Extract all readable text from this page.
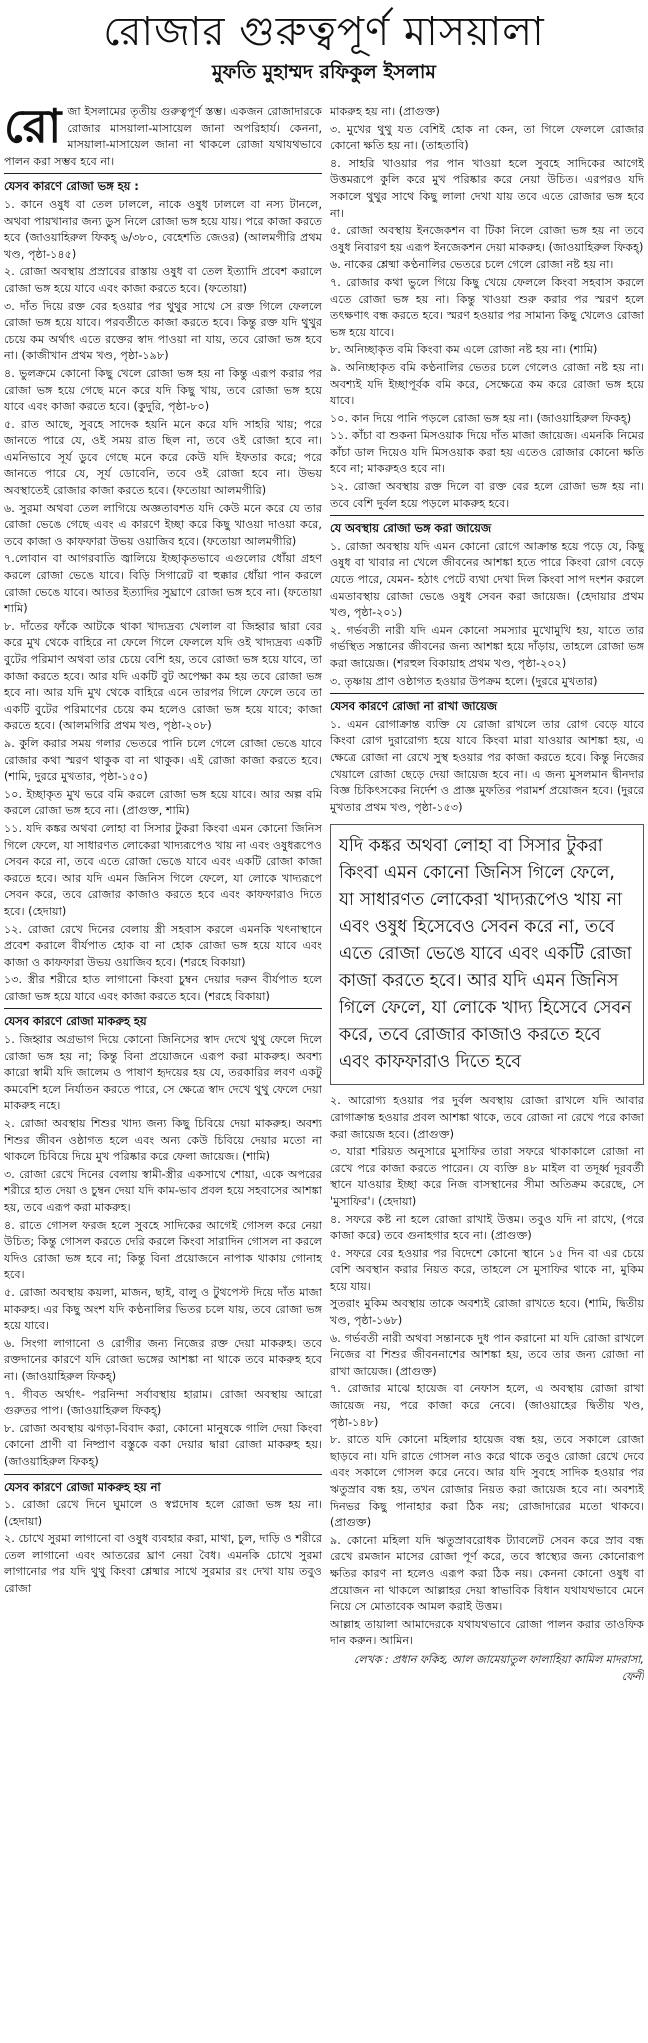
রোজার গুরুত্বপূর্ণ মাসয়ালা
মুফতি মুহাম্মদ রফিকুল ইসলাম

রোজা ইসলামের তৃতীয় গুরুত্বপূর্ণ স্তম্ভ। একজন রোজাদারকে রোজার মাসয়ালা-মাসায়েল জানা অপরিহার্য। কেননা, মাসয়ালা-মাসায়েল জানা না থাকলে রোজা যথাযথভাবে পালন করা সম্ভব হবে না।

যেসব কারণে রোজা ভঙ্গ হয় :

১. কানে ওষুধ বা তেল ঢাললে, নাকে ওষুধ ঢাললে বা নস্য টানলে, অথবা পায়খানার জন্য ডুস নিলে রোজা ভঙ্গ হয়ে যায়। পরে কাজা করতে হবে (জাওয়াহিরুল ফিকহ্‌ ৬/৩৮০, বেহেশতি জেওর) (আলমগীরি প্রথম খণ্ড, পৃষ্ঠা-১৪৫)

২. রোজা অবস্থায় প্রস্রাবের রাস্তায় ওষুধ বা তেল ইত্যাদি প্রবেশ করালে রোজা ভঙ্গ হয়ে যাবে এবং কাজা করতে হবে। (ফতোয়া)

৩. দাঁত দিয়ে রক্ত বের হওয়ার পর থুথুর সাথে সে রক্ত গিলে ফেললে রোজা ভঙ্গ হয়ে যাবে। পরবর্তীতে কাজা করতে হবে। কিন্তু রক্ত যদি থুথুর চেয়ে কম অর্থাৎ এতে রক্তের স্বাদ পাওয়া না যায়, তবে রোজা ভঙ্গ হবে না। (কাজীখান প্রথম খণ্ড, পৃষ্ঠা-১৯৮)

৪. ভুলক্রমে কোনো কিছু খেলে রোজা ভঙ্গ হয় না কিন্তু এরূপ করার পর রোজা ভঙ্গ হয়ে গেছে মনে করে যদি কিছু খায়, তবে রোজা ভঙ্গ হয়ে যাবে এবং কাজা করতে হবে। (কুদুরি, পৃষ্ঠা-৮০)

৫. রাত আছে, সুবহে সাদেক হয়নি মনে করে যদি সাহরি খায়; পরে জানতে পারে যে, ওই সময় রাত ছিল না, তবে ওই রোজা হবে না। এমনিভাবে সূর্য ডুবে গেছে মনে করে কেউ যদি ইফতার করে; পরে জানতে পারে যে, সূর্য ডোবেনি, তবে ওই রোজা হবে না। উভয় অবস্থাতেই রোজার কাজা করতে হবে। (ফতোয়া আলমগীরি)

৬. সুরমা অথবা তেল লাগিয়ে অজ্ঞতাবশত যদি কেউ মনে করে যে তার রোজা ভেঙে গেছে এবং এ কারণে ইচ্ছা করে কিছু খাওয়া দাওয়া করে, তবে কাজা ও কাফফারা উভয় ওয়াজিব হবে। (ফতোয়া আলমগীরি)

৭.লোবান বা আগরবাতি জ্বালিয়ে ইচ্ছাকৃতভাবে এগুলোর ধোঁয়া গ্রহণ করলে রোজা ভেঙে যাবে। বিড়ি সিগারেট বা হুক্কার ধোঁয়া পান করলে রোজা ভেঙে যাবে। আতর ইত্যাদির সুঘ্রাণে রোজা ভঙ্গ হবে না। (ফতোয়া শামি)

৮. দাঁতের ফাঁকে আটকে থাকা খাদ্যদ্রব্য খেলাল বা জিহ্বার দ্বারা বের করে মুখ থেকে বাহিরে না ফেলে গিলে ফেললে যদি ওই খাদ্যদ্রব্য একটি বুটের পরিমাণ অথবা তার চেয়ে বেশি হয়, তবে রোজা ভঙ্গ হয়ে যাবে, তা কাজা করতে হবে। আর যদি একটি বুট অপেক্ষা কম হয় তবে রোজা ভঙ্গ হবে না। আর যদি মুখ থেকে বাহিরে এনে তারপর গিলে ফেলে তবে তা একটি বুটের পরিমাণের চেয়ে কম হলেও রোজা ভঙ্গ হয়ে যাবে; কাজা করতে হবে। (আলমগিরি প্রথম খণ্ড, পৃষ্ঠা-২০৮)

৯. কুলি করার সময় গলার ভেতরে পানি চলে গেলে রোজা ভেঙে যাবে রোজার কথা স্মরণ থাকুক বা না থাকুক। এই রোজা কাজা করতে হবে। (শামি, দুররে মুখতার, পৃষ্ঠা-১৫০)

১০. ইচ্ছাকৃত মুখ ভরে বমি করলে রোজা ভঙ্গ হয়ে যাবে। আর অল্প বমি করলে রোজা ভঙ্গ হবে না। (প্রাগুক্ত, শামি)

১১. যদি কঙ্কর অথবা লোহা বা সিসার টুকরা কিংবা এমন কোনো জিনিস গিলে ফেলে, যা সাধারণত লোকেরা খাদ্যরূপেও খায় না এবং ওষুধরূপেও সেবন করে না, তবে এতে রোজা ভেঙে যাবে এবং একটি রোজা কাজা করতে হবে। আর যদি এমন জিনিস গিলে ফেলে, যা লোকে খাদ্যরূপে সেবন করে, তবে রোজার কাজাও করতে হবে এবং কাফফারাও দিতে হবে। (হেদায়া)

১২. রোজা রেখে দিনের বেলায় স্ত্রী সহবাস করলে এমনকি খৎনাস্থানে প্রবেশ করালে বীর্যপাত হোক বা না হোক রোজা ভঙ্গ হয়ে যাবে এবং কাজা ও কাফফারা উভয় ওয়াজিব হবে। (শরহে বিকায়া)

১৩. স্ত্রীর শরীরে হাত লাগানো কিংবা চুম্বন দেয়ার দরুন বীর্যপাত হলে রোজা ভঙ্গ হয়ে যাবে এবং কাজা করতে হবে। (শরহে বিকায়া)

যেসব কারণে রোজা মাকরুহ হয়

১. জিহ্বার অগ্রভাগ দিয়ে কোনো জিনিসের স্বাদ দেখে থুথু ফেলে দিলে রোজা ভঙ্গ হয় না; কিন্তু বিনা প্রয়োজনে এরূপ করা মাকরুহ। অবশ্য কারো স্বামী যদি জালেম ও পাষাণ হৃদয়ের হয় যে, তরকারির লবণ একটু কমবেশি হলে নির্যাতন করতে পারে, সে ক্ষেত্রে স্বাদ দেখে থুথু ফেলে দেয়া মাকরুহ নহে।

২. রোজা অবস্থায় শিশুর খাদ্য জন্য কিছু চিবিয়ে দেয়া মাকরুহ। অবশ্য শিশুর জীবন ওষ্ঠাগত হলে এবং অন্য কেউ চিবিয়ে দেয়ার মতো না থাকলে চিবিয়ে দিয়ে মুখ পরিষ্কার করে ফেলা জায়েজ। (শামি)

৩. রোজা রেখে দিনের বেলায় স্বামী-স্ত্রীর একসাথে শোয়া, একে অপরের শরীরে হাত দেয়া ও চুম্বন দেয়া যদি কাম-ভাব প্রবল হয়ে সহবাসের আশঙ্কা হয়, তবে এরূপ করা মাকরুহ।

৪. রাতে গোসল ফরজ হলে সুবহে সাদিকের আগেই গোসল করে নেয়া উচিত; কিন্তু গোসল করতে দেরি করলে কিংবা সারাদিন গোসল না করলে যদিও রোজা ভঙ্গ হবে না; কিন্তু বিনা প্রয়োজনে নাপাক থাকায় গোনাহ হবে।

৫. রোজা অবস্থায় কয়লা, মাজন, ছাই, বালু ও টুথপেস্ট দিয়ে দাঁত মাজা মাকরুহ। এর কিছু অংশ যদি কণ্ঠনালির ভিতর চলে যায়, তবে রোজা ভঙ্গ হয়ে যাবে।

৬. সিংগা লাগানো ও রোগীর জন্য নিজের রক্ত দেয়া মাকরুহ। তবে রক্তদানের কারণে যদি রোজা ভঙ্গের আশঙ্কা না থাকে তবে মাকরুহ হবে না। (জাওয়াহিরুল ফিকহ্‌)

৭. গীবত অর্থাৎ- পরনিন্দা সর্বাবস্থায় হারাম। রোজা অবস্থায় আরো গুরুতর পাপ। (জাওয়াহিরুল ফিকহ্‌)

৮. রোজা অবস্থায় ঝগড়া-বিবাদ করা, কোনো মানুষকে গালি দেয়া কিংবা কোনো প্রাণী বা নিষ্প্রাণ বস্তুকে বকা দেয়ার দ্বারা রোজা মাকরুহ হয়। (জাওয়াহিরুল ফিকহ্‌)

যেসব কারণে রোজা মাকরুহ হয় না

১. রোজা রেখে দিনে ঘুমালে ও স্বপ্নদোষ হলে রোজা ভঙ্গ হয় না। (হেদায়া)

২. চোখে সুরমা লাগানো বা ওষুধ ব্যবহার করা, মাথা, চুল, দাড়ি ও শরীরে তেল লাগানো এবং আতরের ঘ্রাণ নেয়া বৈধ। এমনকি চোখে সুরমা লাগানোর পর যদি থুথু কিংবা শ্লেষ্মার সাথে সুরমার রং দেখা যায় তবুও রোজা

মাকরুহ হয় না। (প্রাগুক্ত)

৩. মুখের থুথু যত বেশিই হোক না কেন, তা গিলে ফেললে রোজার কোনো ক্ষতি হয় না। (তাহতাবি)

৪. সাহরি খাওয়ার পর পান খাওয়া হলে সুবহে সাদিকের আগেই উত্তমরূপে কুলি করে মুখ পরিষ্কার করে নেয়া উচিত। এরপরও যদি সকালে থুথুর সাথে কিছু লালা দেখা যায় তবে এতে রোজার ভঙ্গ হবে না।

৫. রোজা অবস্থায় ইনজেকশন বা টিকা নিলে রোজা ভঙ্গ হয় না তবে ওষুধ নিবারণ হয় এরূপ ইনজেকশন দেয়া মাকরুহ। (জাওয়াহিরুল ফিকহ্‌)

৬. নাকের শ্লেষ্মা কণ্ঠনালির ভেতরে চলে গেলে রোজা নষ্ট হয় না।

৭. রোজার কথা ভুলে গিয়ে কিছু খেয়ে ফেললে কিংবা সহবাস করলে এতে রোজা ভঙ্গ হয় না। কিন্তু খাওয়া শুরু করার পর স্মরণ হলে তৎক্ষণাৎ বন্ধ করতে হবে। স্মরণ হওয়ার পর সামান্য কিছু খেলেও রোজা ভঙ্গ হয়ে যাবে।

৮. অনিচ্ছাকৃত বমি কিংবা কম এলে রোজা নষ্ট হয় না। (শামি)

৯. অনিচ্ছাকৃত বমি কণ্ঠনালির ভেতর চলে গেলেও রোজা নষ্ট হয় না। অবশ্যই যদি ইচ্ছাপূর্বক বমি করে, সেক্ষেত্রে কম করে রোজা ভঙ্গ হয়ে যাবে।

১০. কান দিয়ে পানি পড়লে রোজা ভঙ্গ হয় না। (জাওয়াহিরুল ফিকহ্‌)

১১. কাঁচা বা শুকনা মিসওয়াক দিয়ে দাঁত মাজা জায়েজ। এমনকি নিমের কাঁচা ডাল দিয়েও যদি মিসওয়াক করা হয় এতেও রোজার কোনো ক্ষতি হবে না; মাকরুহও হবে না।

১২. রোজা অবস্থায় রক্ত দিলে বা রক্ত বের হলে রোজা ভঙ্গ হয় না। তবে বেশি দুর্বল হয়ে পড়লে মাকরুহ হবে।

যে অবস্থায় রোজা ভঙ্গ করা জায়েজ

১. রোজা অবস্থায় যদি এমন কোনো রোগে আক্রান্ত হয়ে পড়ে যে, কিছু ওষুধ বা খাবার না খেলে জীবনের আশঙ্কা হতে পারে কিংবা রোগ বেড়ে যেতে পারে, যেমন- হঠাৎ পেটে ব্যথা দেখা দিল কিংবা সাপ দংশন করলে এমতাবস্থায় রোজা ভেঙে ওষুধ সেবন করা জায়েজ। (হেদায়ার প্রথম খণ্ড, পৃষ্ঠা-২০১)

২. গর্ভবতী নারী যদি এমন কোনো সমস্যার মুখোমুখি হয়, যাতে তার গর্ভস্থিত সন্তানের জীবনের জন্য আশঙ্কা হয়ে দাঁড়ায়, তাহলে রোজা ভঙ্গ করা জায়েজ। (শরহুল বিকায়াহ প্রথম খণ্ড, পৃষ্ঠা-২০২)

৩. তৃষ্ণায় প্রাণ ওষ্ঠাগত হওয়ার উপক্রম হলে। (দুররে মুখতার)

যেসব কারণে রোজা না রাখা জায়েজ

১. এমন রোগাক্রান্ত ব্যক্তি যে রোজা রাখলে তার রোগ বেড়ে যাবে কিংবা রোগ দুরারোগ্য হয়ে যাবে কিংবা মারা যাওয়ার আশঙ্কা হয়, এ ক্ষেত্রে রোজা না রেখে সুস্থ হওয়ার পর কাজা করতে হবে। কিন্তু নিজের খেয়ালে রোজা ছেড়ে দেয়া জায়েজ হবে না। এ জন্য মুসলমান দ্বীনদার বিজ্ঞ চিকিৎসকের নির্দেশ ও প্রাজ্ঞ মুফতির পরামর্শ প্রয়োজন হবে। (দুররে মুখতার প্রথম খণ্ড, পৃষ্ঠা-১৫৩)

যদি কঙ্কর অথবা লোহা বা সিসার টুকরা কিংবা এমন কোনো জিনিস গিলে ফেলে, যা সাধারণত লোকেরা খাদ্যরূপেও খায় না এবং ওষুধ হিসেবেও সেবন করে না, তবে এতে রোজা ভেঙে যাবে এবং একটি রোজা কাজা করতে হবে। আর যদি এমন জিনিস গিলে ফেলে, যা লোকে খাদ্য হিসেবে সেবন করে, তবে রোজার কাজাও করতে হবে এবং কাফফারাও দিতে হবে

২. আরোগ্য হওয়ার পর দুর্বল অবস্থায় রোজা রাখলে যদি আবার রোগাক্রান্ত হওয়ার প্রবল আশঙ্কা থাকে, তবে রোজা না রেখে পরে কাজা করা জায়েজ হবে। (প্রাগুক্ত)

৩. যারা শরিয়ত অনুসারে মুসাফির তারা সফরে থাকাকালে রোজা না রেখে পরে কাজা করতে পারেন। যে ব্যক্তি ৪৮ মাইল বা তদূর্ধ্ব দূরবর্তী স্থানে যাওয়ার ইচ্ছা করে নিজ বাসস্থানের সীমা অতিক্রম করেছে, সে 'মুসাফির'। (হেদায়া)

৪. সফরে কষ্ট না হলে রোজা রাখাই উত্তম। তবুও যদি না রাখে, (পরে কাজা করে) তবে গুনাহগার হবে না। (প্রাগুক্ত)

৫. সফরে বের হওয়ার পর বিদেশে কোনো স্থানে ১৫ দিন বা এর চেয়ে বেশি অবস্থান করার নিয়ত করে, তাহলে সে মুসাফির থাকে না, মুকিম হয়ে যায়।

সুতরাং মুকিম অবস্থায় তাকে অবশ্যই রোজা রাখতে হবে। (শামি, দ্বিতীয় খণ্ড, পৃষ্ঠা-১৬৮)

৬. গর্ভবতী নারী অথবা সন্তানকে দুধ পান করানো মা যদি রোজা রাখলে নিজের বা শিশুর জীবননাশের আশঙ্কা হয়, তবে তার জন্য রোজা না রাখা জায়েজ। (প্রাগুক্ত)

৭. রোজার মাঝে হায়েজ বা নেফাস হলে, এ অবস্থায় রোজা রাখা জায়েজ নয়, পরে কাজা করে নেবে। (জাওয়াহের দ্বিতীয় খণ্ড, পৃষ্ঠা-১৪৮)

৮. রাতে যদি কোনো মহিলার হায়েজ বন্ধ হয়, তবে সকালে রোজা ছাড়বে না। যদি রাতে গোসল নাও করে থাকে তবুও রোজা রেখে দেবে এবং সকালে গোসল করে নেবে। আর যদি সুবহে সাদিক হওয়ার পর ঋতুস্রাব বন্ধ হয়, তখন রোজার নিয়ত করা জায়েজ হবে না। অবশ্যই দিনভর কিছু পানাহার করা ঠিক নয়; রোজাদারের মতো থাকবে। (প্রাগুক্ত)

৯. কোনো মহিলা যদি ঋতুস্রাবরোধক ট্যাবলেট সেবন করে স্রাব বন্ধ রেখে রমজান মাসের রোজা পূর্ণ করে, তবে স্বাস্থ্যের জন্য কোনোরূপ ক্ষতির কারণ না হলেও এরূপ করা ঠিক নয়। কেননা কোনো ওষুধ বা প্রয়োজন না থাকলে আল্লাহর দেয়া স্বাভাবিক বিধান যথাযথভাবে মেনে নিয়ে সে মোতাবেক আমল করাই উত্তম।

আল্লাহ তায়ালা আমাদেরকে যথাযথভাবে রোজা পালন করার তাওফিক দান করুন। আমিন।

লেখক : প্রধান ফকিহ, আল জামেয়াতুল ফালাহিয়া কামিল মাদরাসা, ফেনী
